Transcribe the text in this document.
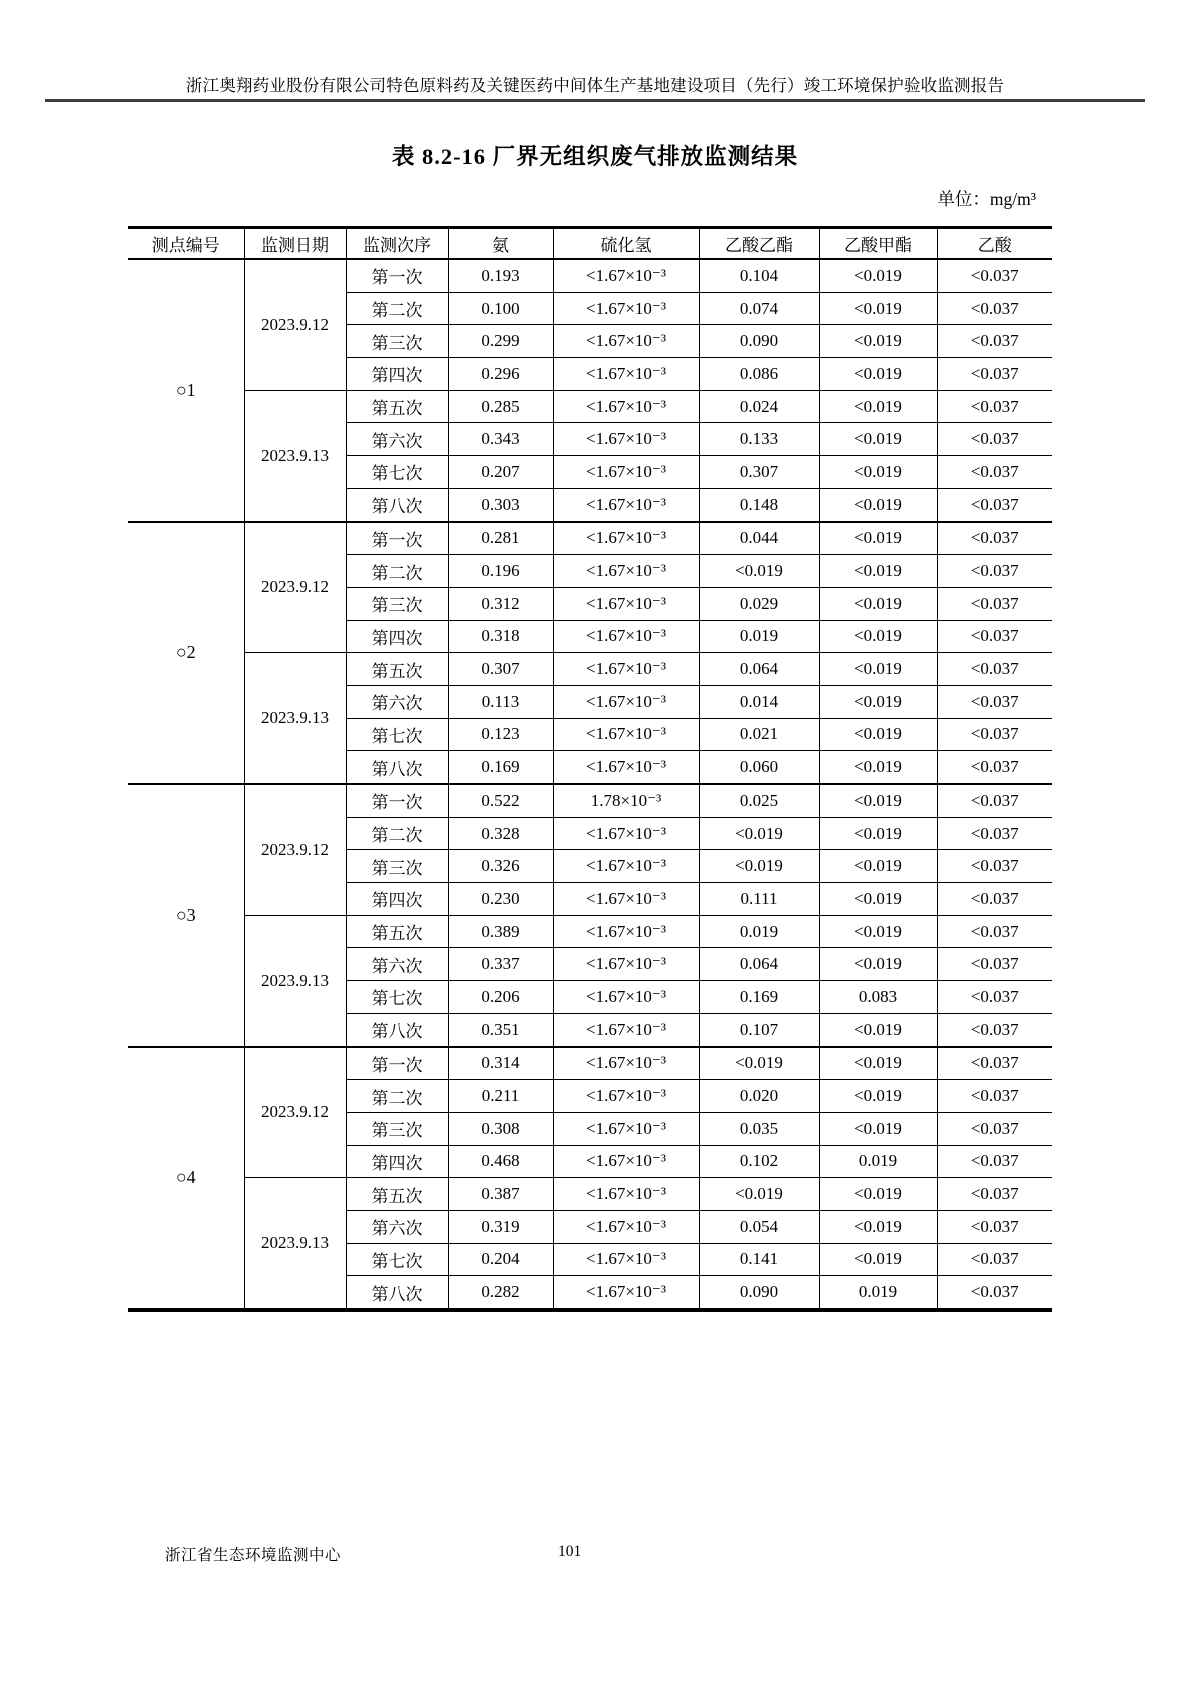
浙江奥翔药业股份有限公司特色原料药及关键医药中间体生产基地建设项目（先行）竣工环境保护验收监测报告
表 8.2-16 厂界无组织废气排放监测结果
单位：mg/m³
测点编号	监测日期	监测次序	氨	硫化氢	乙酸乙酯	乙酸甲酯	乙酸
○1	2023.9.12	第一次	0.193	<1.67×10⁻³	0.104	<0.019	<0.037
		第二次	0.100	<1.67×10⁻³	0.074	<0.019	<0.037
		第三次	0.299	<1.67×10⁻³	0.090	<0.019	<0.037
		第四次	0.296	<1.67×10⁻³	0.086	<0.019	<0.037
	2023.9.13	第五次	0.285	<1.67×10⁻³	0.024	<0.019	<0.037
		第六次	0.343	<1.67×10⁻³	0.133	<0.019	<0.037
		第七次	0.207	<1.67×10⁻³	0.307	<0.019	<0.037
		第八次	0.303	<1.67×10⁻³	0.148	<0.019	<0.037
○2	2023.9.12	第一次	0.281	<1.67×10⁻³	0.044	<0.019	<0.037
		第二次	0.196	<1.67×10⁻³	<0.019	<0.019	<0.037
		第三次	0.312	<1.67×10⁻³	0.029	<0.019	<0.037
		第四次	0.318	<1.67×10⁻³	0.019	<0.019	<0.037
	2023.9.13	第五次	0.307	<1.67×10⁻³	0.064	<0.019	<0.037
		第六次	0.113	<1.67×10⁻³	0.014	<0.019	<0.037
		第七次	0.123	<1.67×10⁻³	0.021	<0.019	<0.037
		第八次	0.169	<1.67×10⁻³	0.060	<0.019	<0.037
○3	2023.9.12	第一次	0.522	1.78×10⁻³	0.025	<0.019	<0.037
		第二次	0.328	<1.67×10⁻³	<0.019	<0.019	<0.037
		第三次	0.326	<1.67×10⁻³	<0.019	<0.019	<0.037
		第四次	0.230	<1.67×10⁻³	0.111	<0.019	<0.037
	2023.9.13	第五次	0.389	<1.67×10⁻³	0.019	<0.019	<0.037
		第六次	0.337	<1.67×10⁻³	0.064	<0.019	<0.037
		第七次	0.206	<1.67×10⁻³	0.169	0.083	<0.037
		第八次	0.351	<1.67×10⁻³	0.107	<0.019	<0.037
○4	2023.9.12	第一次	0.314	<1.67×10⁻³	<0.019	<0.019	<0.037
		第二次	0.211	<1.67×10⁻³	0.020	<0.019	<0.037
		第三次	0.308	<1.67×10⁻³	0.035	<0.019	<0.037
		第四次	0.468	<1.67×10⁻³	0.102	0.019	<0.037
	2023.9.13	第五次	0.387	<1.67×10⁻³	<0.019	<0.019	<0.037
		第六次	0.319	<1.67×10⁻³	0.054	<0.019	<0.037
		第七次	0.204	<1.67×10⁻³	0.141	<0.019	<0.037
		第八次	0.282	<1.67×10⁻³	0.090	0.019	<0.037
浙江省生态环境监测中心	101
